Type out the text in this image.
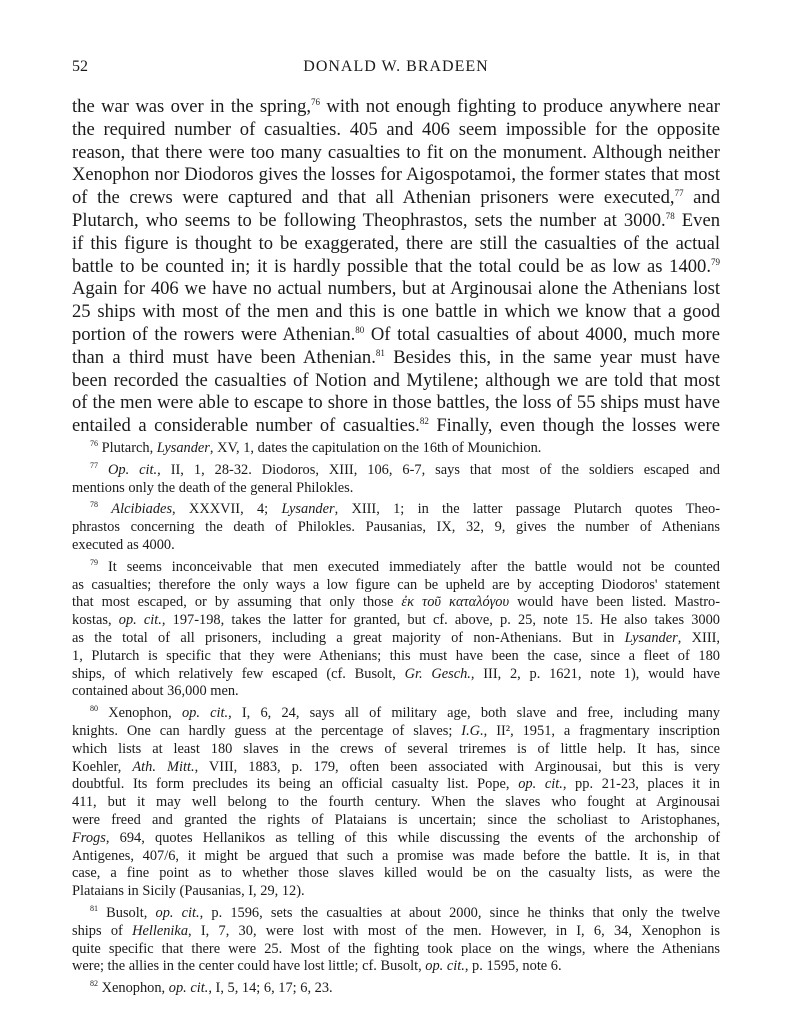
52	DONALD W. BRADEEN
the war was over in the spring,$^{76}$ with not enough fighting to produce anywhere near
the required number of casualties. 405 and 406 seem impossible for the opposite
reason, that there were too many casualties to fit on the monument. Although neither
Xenophon nor Diodoros gives the losses for Aigospotamoi, the former states that most
of the crews were captured and that all Athenian prisoners were executed,$^{77}$ and
Plutarch, who seems to be following Theophrastos, sets the number at 3000.78 Even
if this figure is thought to be exaggerated, there are still the casualties of the actual
battle to be counted in; it is hardly possible that the total could be as low as 1400.79
Again for 406 we have no actual numbers, but at Arginousai alone the Athenians lost
25 ships with most of the men and this is one battle in which we know that a good
portion of the rowers were Athenian.$^{80}$ Of total casualties of about 4000, much more
than a third must have been Athenian.$^{81}$ Besides this, in the same year must have
been recorded the casualties of Notion and Mytilene; although we are told that most
of the men were able to escape to shore in those battles, the loss of 55 ships must have
entailed a considerable number of casualties.$^{82}$ Finally, even though the losses were
$^{76}$ Plutarch, Lysander, XV, 1, dates the capitulation on the 16th of Mounichion.
$^{77}$ Op. cit., II, 1, 28-32. Diodoros, XIII, 106, 6-7, says that most of the soldiers escaped and
mentions only the death of the general Philokles.
$^{78}$ Alcibiades, XXXVII, 4; Lysander, XIII, 1; in the latter passage Plutarch quotes Theo-
phrastos concerning the death of Philokles. Pausanias, IX, 32, 9, gives the number of Athenians
executed as 4000.
$^{79}$ It seems inconceivable that men executed immediately after the battle would not be counted
as casualties; therefore the only ways a low figure can be upheld are by accepting Diodoros' statement
that most escaped, or by assuming that only those ἐκ τοῦ καταλόγου would have been listed. Mastro-
kostas, op. cit., 197-198, takes the latter for granted, but cf. above, p. 25, note 15. He also takes 3000
as the total of all prisoners, including a great majority of non-Athenians. But in Lysander, XIII,
1, Plutarch is specific that they were Athenians; this must have been the case, since a fleet of 180
ships, of which relatively few escaped (cf. Busolt, Gr. Gesch., III, 2, p. 1621, note 1), would have
contained about 36,000 men.
$^{80}$ Xenophon, op. cit., I, 6, 24, says all of military age, both slave and free, including many
knights. One can hardly guess at the percentage of slaves; I.G., II², 1951, a fragmentary inscription
which lists at least 180 slaves in the crews of several triremes is of little help. It has, since
Koehler, Ath. Mitt., VIII, 1883, p. 179, often been associated with Arginousai, but this is very
doubtful. Its form precludes its being an official casualty list. Pope, op. cit., pp. 21-23, places it in
411, but it may well belong to the fourth century. When the slaves who fought at Arginousai
were freed and granted the rights of Plataians is uncertain; since the scholiast to Aristophanes,
Frogs, 694, quotes Hellanikos as telling of this while discussing the events of the archonship of
Antigenes, 407/6, it might be argued that such a promise was made before the battle. It is, in that
case, a fine point as to whether those slaves killed would be on the casualty lists, as were the
Plataians in Sicily (Pausanias, I, 29, 12).
$^{81}$ Busolt, op. cit., p. 1596, sets the casualties at about 2000, since he thinks that only the twelve
ships of Hellenika, I, 7, 30, were lost with most of the men. However, in I, 6, 34, Xenophon is
quite specific that there were 25. Most of the fighting took place on the wings, where the Athenians
were; the allies in the center could have lost little; cf. Busolt, op. cit., p. 1595, note 6.
$^{82}$ Xenophon, op. cit., I, 5, 14; 6, 17; 6, 23.
